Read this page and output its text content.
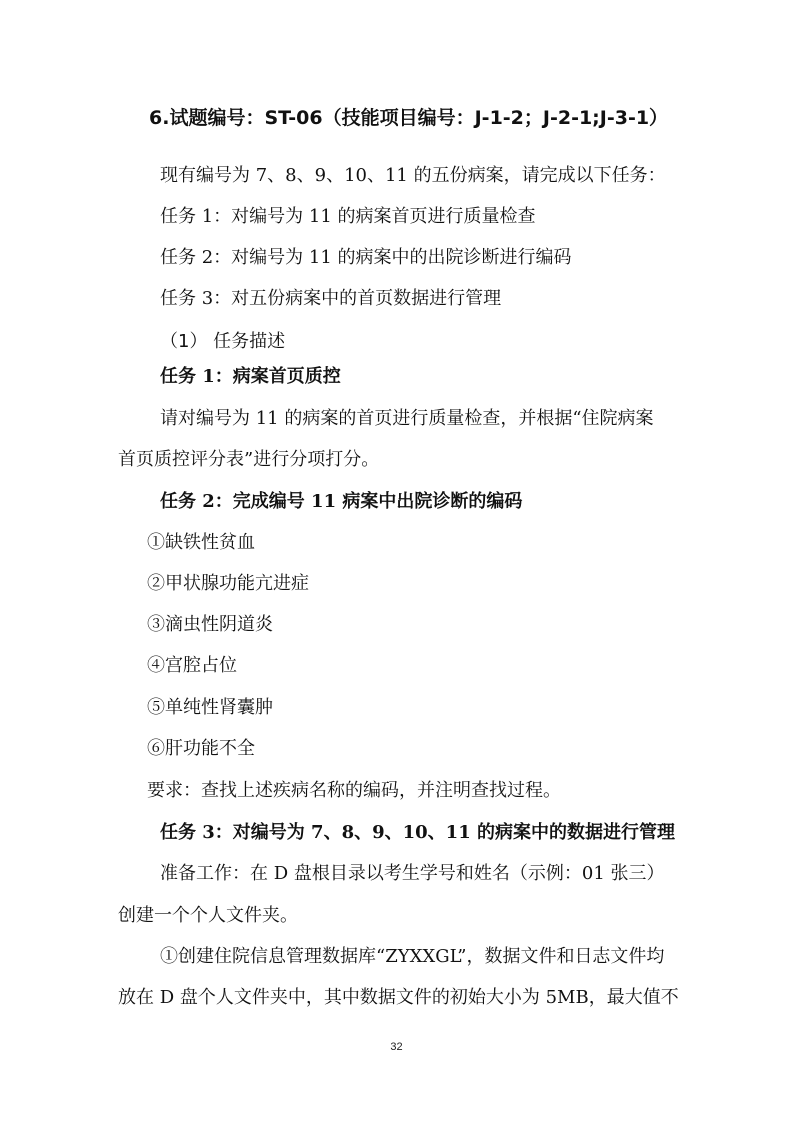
6.试题编号：ST-06（技能项目编号：J-1-2；J-2-1;J-3-1）
现有编号为 7、8、9、10、11 的五份病案，请完成以下任务：
任务 1：对编号为 11 的病案首页进行质量检查
任务 2：对编号为 11 的病案中的出院诊断进行编码
任务 3：对五份病案中的首页数据进行管理
（1） 任务描述
任务 1：病案首页质控
请对编号为 11 的病案的首页进行质量检查，并根据“住院病案
首页质控评分表”进行分项打分。
任务 2：完成编号 11 病案中出院诊断的编码
①缺铁性贫血
②甲状腺功能亢进症
③滴虫性阴道炎
④宫腔占位
⑤单纯性肾囊肿
⑥肝功能不全
要求：查找上述疾病名称的编码，并注明查找过程。
任务 3：对编号为 7、8、9、10、11 的病案中的数据进行管理
准备工作：在 D 盘根目录以考生学号和姓名（示例：01 张三）
创建一个个人文件夹。
①创建住院信息管理数据库“ZYXXGL”，数据文件和日志文件均
放在 D 盘个人文件夹中，其中数据文件的初始大小为 5MB，最大值不
32
